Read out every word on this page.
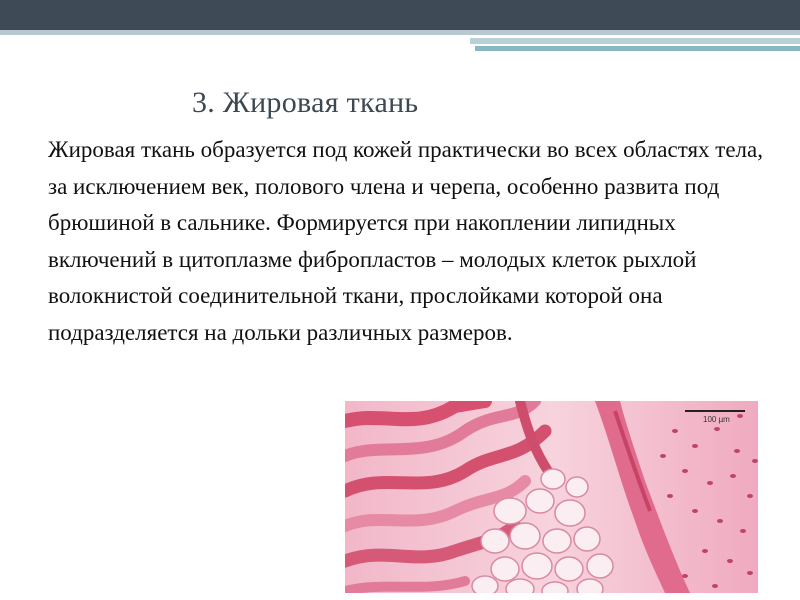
3. Жировая ткань

Жировая ткань образуется под кожей практически во всех областях тела, за исключением век, полового члена и черепа, особенно развита под брюшиной в сальнике. Формируется при накоплении липидных включений в цитоплазме фибропластов – молодых клеток рыхлой волокнистой соединительной ткани, прослойками которой она подразделяется на дольки различных размеров.

100 µm
